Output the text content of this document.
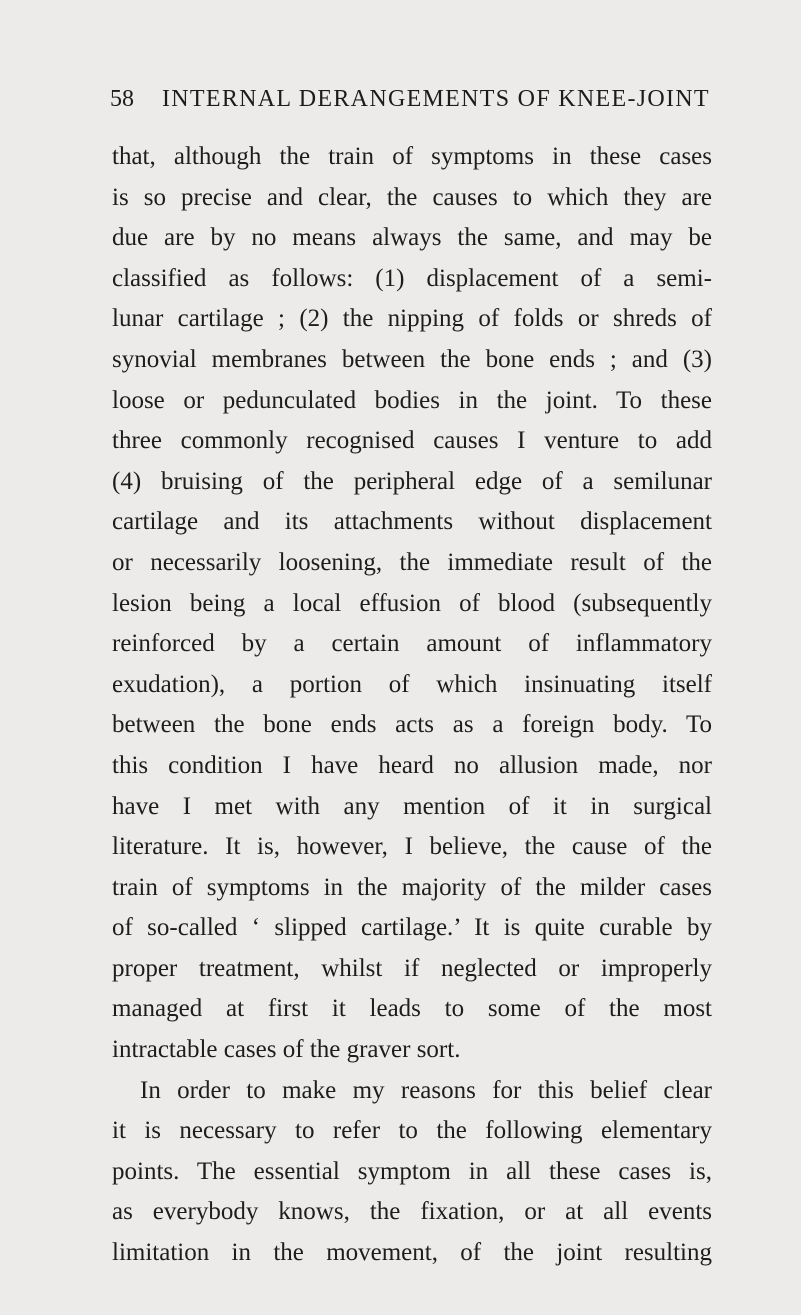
58 INTERNAL DERANGEMENTS OF KNEE-JOINT
that, although the train of symptoms in these cases
is so precise and clear, the causes to which they are
due are by no means always the same, and may be
classified as follows: (1) displacement of a semi-
lunar cartilage ; (2) the nipping of folds or shreds of
synovial membranes between the bone ends ; and (3)
loose or pedunculated bodies in the joint. To these
three commonly recognised causes I venture to add
(4) bruising of the peripheral edge of a semilunar
cartilage and its attachments without displacement
or necessarily loosening, the immediate result of the
lesion being a local effusion of blood (subsequently
reinforced by a certain amount of inflammatory
exudation), a portion of which insinuating itself
between the bone ends acts as a foreign body. To
this condition I have heard no allusion made, nor
have I met with any mention of it in surgical
literature. It is, however, I believe, the cause of the
train of symptoms in the majority of the milder cases
of so-called ‘ slipped cartilage.’ It is quite curable by
proper treatment, whilst if neglected or improperly
managed at first it leads to some of the most
intractable cases of the graver sort.
In order to make my reasons for this belief clear
it is necessary to refer to the following elementary
points. The essential symptom in all these cases is,
as everybody knows, the fixation, or at all events
limitation in the movement, of the joint resulting
